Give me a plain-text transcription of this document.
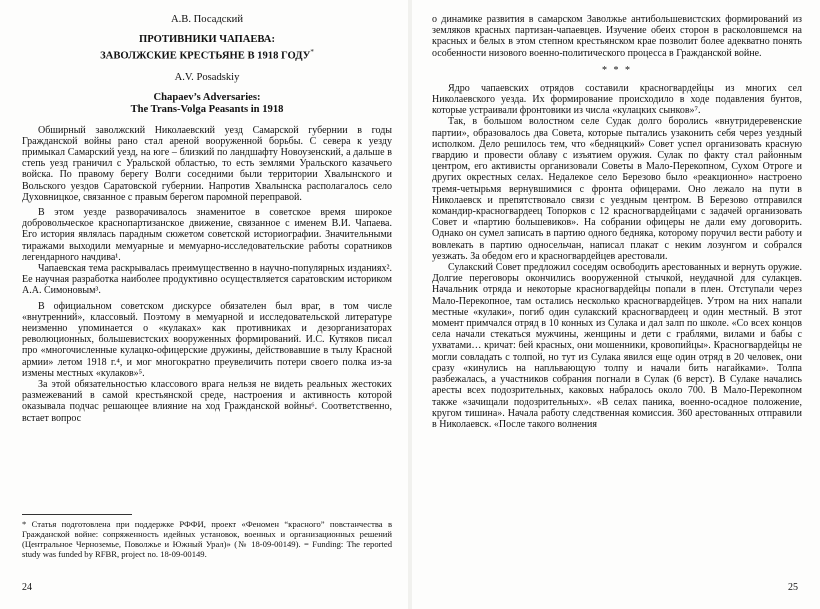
А.В. Посадский
ПРОТИВНИКИ ЧАПАЕВА:
ЗАВОЛЖСКИЕ КРЕСТЬЯНЕ В 1918 ГОДУ*
A.V. Posadskiy
Chapaev’s Adversaries:
The Trans-Volga Peasants in 1918

Обширный заволжский Николаевский уезд Самарской губернии в годы Гражданской войны рано стал ареной вооруженной борьбы. С севера к уезду примыкал Самарский уезд, на юге – близкий по ландшафту Новоузенский, а дальше в степь уезд граничил с Уральской областью, то есть землями Уральского казачьего войска. По правому берегу Волги соседними были территории Хвалынского и Вольского уездов Саратовской губернии. Напротив Хвалынска располагалось село Духовницкое, связанное с правым берегом паромной переправой.

В этом уезде разворачивалось знаменитое в советское время широкое добровольческое краснопартизанское движение, связанное с именем В.И. Чапаева. Его история являлась парадным сюжетом советской историографии. Значительными тиражами выходили мемуарные и мемуарно-исследовательские работы соратников легендарного начдива¹.

Чапаевская тема раскрывалась преимущественно в научно-популярных изданиях². Ее научная разработка наиболее продуктивно осуществляется саратовским историком А.А. Симоновым³.

В официальном советском дискурсе обязателен был враг, в том числе «внутренний», классовый. Поэтому в мемуарной и исследовательской литературе неизменно упоминается о «кулаках» как противниках и дезорганизаторах революционных, большевистских вооруженных формирований. И.С. Кутяков писал про «многочисленные кулацко-офицерские дружины, действовавшие в тылу Красной армии» летом 1918 г.⁴, и мог многократно преувеличить потери своего полка из-за измены местных «кулаков»⁵.

За этой обязательностью классового врага нельзя не видеть реальных жестоких размежеваний в самой крестьянской среде, настроения и активность которой оказывала подчас решающее влияние на ход Гражданской войны⁶. Соответственно, встает вопрос

* Статья подготовлена при поддержке РФФИ, проект «Феномен “красного” повстанчества в Гражданской войне: сопряженность идейных установок, военных и организационных решений (Центральное Черноземье, Поволжье и Южный Урал)» (№ 18-09-00149). = Funding: The reported study was funded by RFBR, project no. 18-09-00149.

24

о динамике развития в самарском Заволжье антибольшевистских формирований из земляков красных партизан-чапаевцев. Изучение обеих сторон в расколовшемся на красных и белых в этом степном крестьянском крае позволит более адекватно понять особенности низового военно-политического процесса в Гражданской войне.

* * *

Ядро чапаевских отрядов составили красногвардейцы из многих сел Николаевского уезда. Их формирование происходило в ходе подавления бунтов, которые устраивали фронтовики из числа «кулацких сынков»⁷.

Так, в большом волостном селе Судак долго боролись «внутридеревенские партии», образовалось два Совета, которые пытались узаконить себя через уездный исполком. Дело решилось тем, что «бедняцкий» Совет успел организовать красную гвардию и провести облаву с изъятием оружия. Сулак по факту стал районным центром, его активисты организовали Советы в Мало-Перекопном, Сухом Отроге и других окрестных селах. Недалекое село Березово было «реакционно» настроено тремя-четырьмя вернувшимися с фронта офицерами. Оно лежало на пути в Николаевск и препятствовало связи с уездным центром. В Березово отправился командир-красногвардеец Топорков с 12 красногвардейцами с задачей организовать Совет и «партию большевиков». На собрании офицеры не дали ему договорить. Однако он сумел записать в партию одного бедняка, которому поручил вести работу и вовлекать в партию односельчан, написал плакат с неким лозунгом и собрался уезжать. За обедом его и красногвардейцев арестовали.

Сулакский Совет предложил соседям освободить арестованных и вернуть оружие. Долгие переговоры окончились вооруженной стычкой, неудачной для сулакцев. Начальник отряда и некоторые красногвардейцы попали в плен. Отступали через Мало-Перекопное, там остались несколько красногвардейцев. Утром на них напали местные «кулаки», погиб один сулакский красногвардеец и один местный. В этот момент примчался отряд в 10 конных из Сулака и дал залп по школе. «Со всех концов села начали стекаться мужчины, женщины и дети с граблями, вилами и бабы с ухватами… кричат: бей красных, они мошенники, кровопийцы». Красногвардейцы не могли совладать с толпой, но тут из Сулака явился еще один отряд в 20 человек, они сразу «кинулись на напльвающую толпу и начали бить нагайками». Толпа разбежалась, а участников собрания погнали в Сулак (6 верст). В Сулаке начались аресты всех подозрительных, каковых набралось около 700. В Мало-Перекопном также «зачищали подозрительных». «В селах паника, военно-осадное положение, кругом тишина». Начала работу следственная комиссия. 360 арестованных отправили в Николаевск. «После такого волнения

25
